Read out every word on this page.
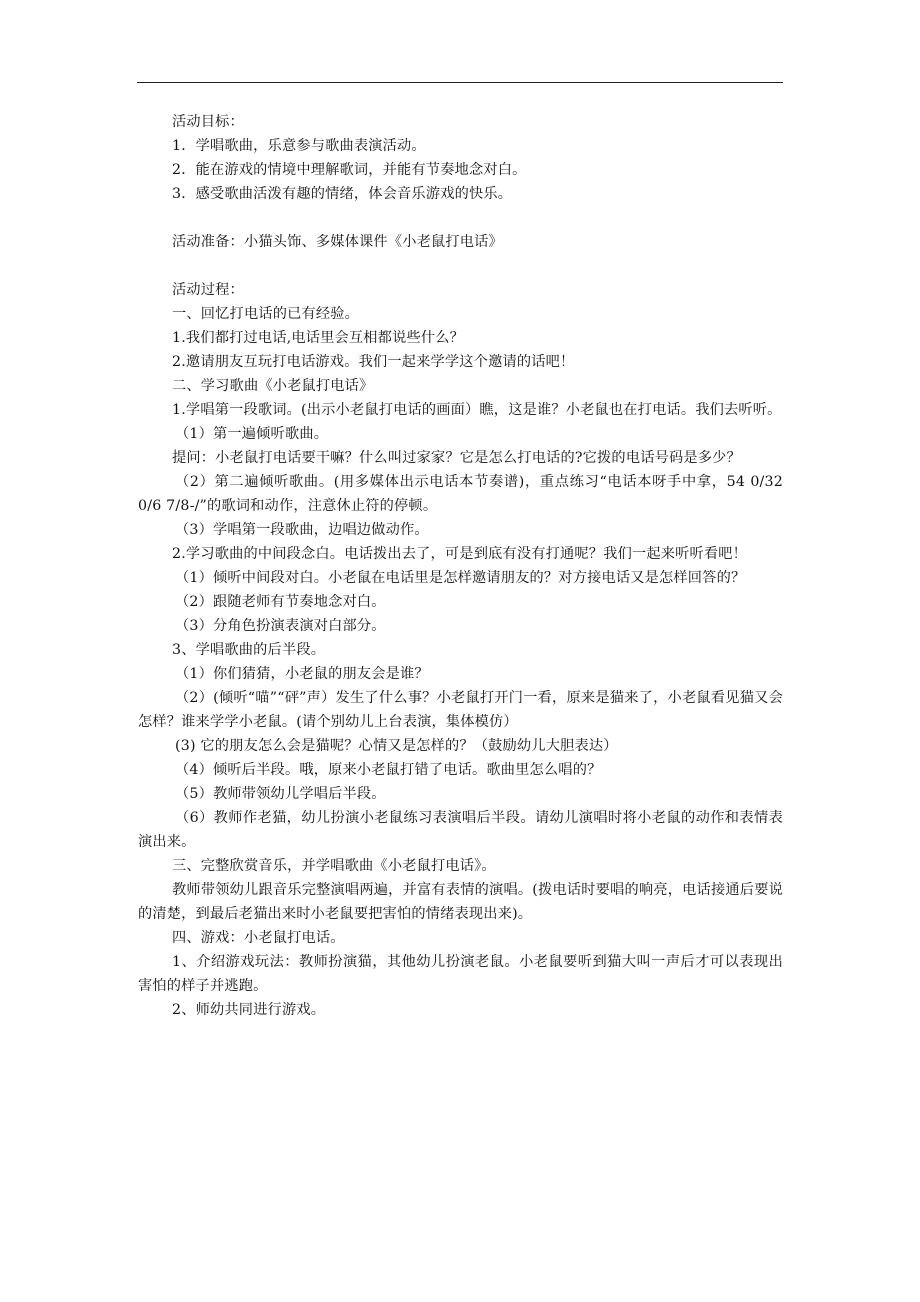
活动目标：

1．学唱歌曲，乐意参与歌曲表演活动。

2．能在游戏的情境中理解歌词，并能有节奏地念对白。

3．感受歌曲活泼有趣的情绪，体会音乐游戏的快乐。

活动准备：小猫头饰、多媒体课件《小老鼠打电话》

活动过程：

一、回忆打电话的已有经验。

1.我们都打过电话,电话里会互相都说些什么？

2.邀请朋友互玩打电话游戏。我们一起来学学这个邀请的话吧！

二、学习歌曲《小老鼠打电话》

1.学唱第一段歌词。(出示小老鼠打电话的画面）瞧，这是谁？小老鼠也在打电话。我们去听听。

（1）第一遍倾听歌曲。

提问：小老鼠打电话要干嘛？什么叫过家家？它是怎么打电话的?它拨的电话号码是多少？

（2）第二遍倾听歌曲。(用多媒体出示电话本节奏谱)，重点练习“电话本呀手中拿，54 0/32 0/6 7/8-/”的歌词和动作，注意休止符的停顿。

（3）学唱第一段歌曲，边唱边做动作。

2.学习歌曲的中间段念白。电话拨出去了，可是到底有没有打通呢？我们一起来听听看吧！

（1）倾听中间段对白。小老鼠在电话里是怎样邀请朋友的？对方接电话又是怎样回答的？

（2）跟随老师有节奏地念对白。

（3）分角色扮演表演对白部分。

3、学唱歌曲的后半段。

（1）你们猜猜，小老鼠的朋友会是谁？

（2）(倾听“喵”“砰”声）发生了什么事？小老鼠打开门一看，原来是猫来了，小老鼠看见猫又会怎样？谁来学学小老鼠。(请个别幼儿上台表演，集体模仿）

(3) 它的朋友怎么会是猫呢？心情又是怎样的？（鼓励幼儿大胆表达）

（4）倾听后半段。哦，原来小老鼠打错了电话。歌曲里怎么唱的？

（5）教师带领幼儿学唱后半段。

（6）教师作老猫，幼儿扮演小老鼠练习表演唱后半段。请幼儿演唱时将小老鼠的动作和表情表演出来。

三、完整欣赏音乐，并学唱歌曲《小老鼠打电话》。

教师带领幼儿跟音乐完整演唱两遍，并富有表情的演唱。(拨电话时要唱的响亮，电话接通后要说的清楚，到最后老猫出来时小老鼠要把害怕的情绪表现出来)。

四、游戏：小老鼠打电话。

1、介绍游戏玩法：教师扮演猫，其他幼儿扮演老鼠。小老鼠要听到猫大叫一声后才可以表现出害怕的样子并逃跑。

2、师幼共同进行游戏。
